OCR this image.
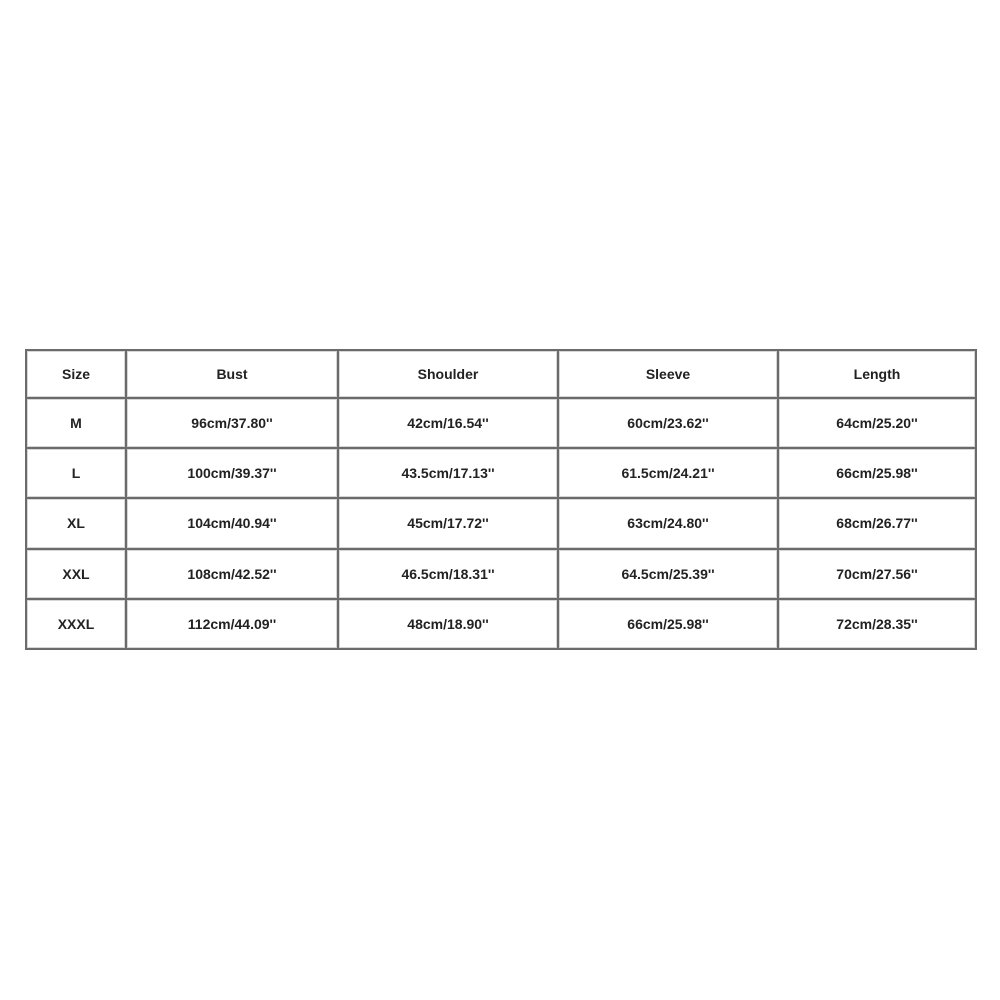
Size	Bust	Shoulder	Sleeve	Length
M	96cm/37.80''	42cm/16.54''	60cm/23.62''	64cm/25.20''
L	100cm/39.37''	43.5cm/17.13''	61.5cm/24.21''	66cm/25.98''
XL	104cm/40.94''	45cm/17.72''	63cm/24.80''	68cm/26.77''
XXL	108cm/42.52''	46.5cm/18.31''	64.5cm/25.39''	70cm/27.56''
XXXL	112cm/44.09''	48cm/18.90''	66cm/25.98''	72cm/28.35''
